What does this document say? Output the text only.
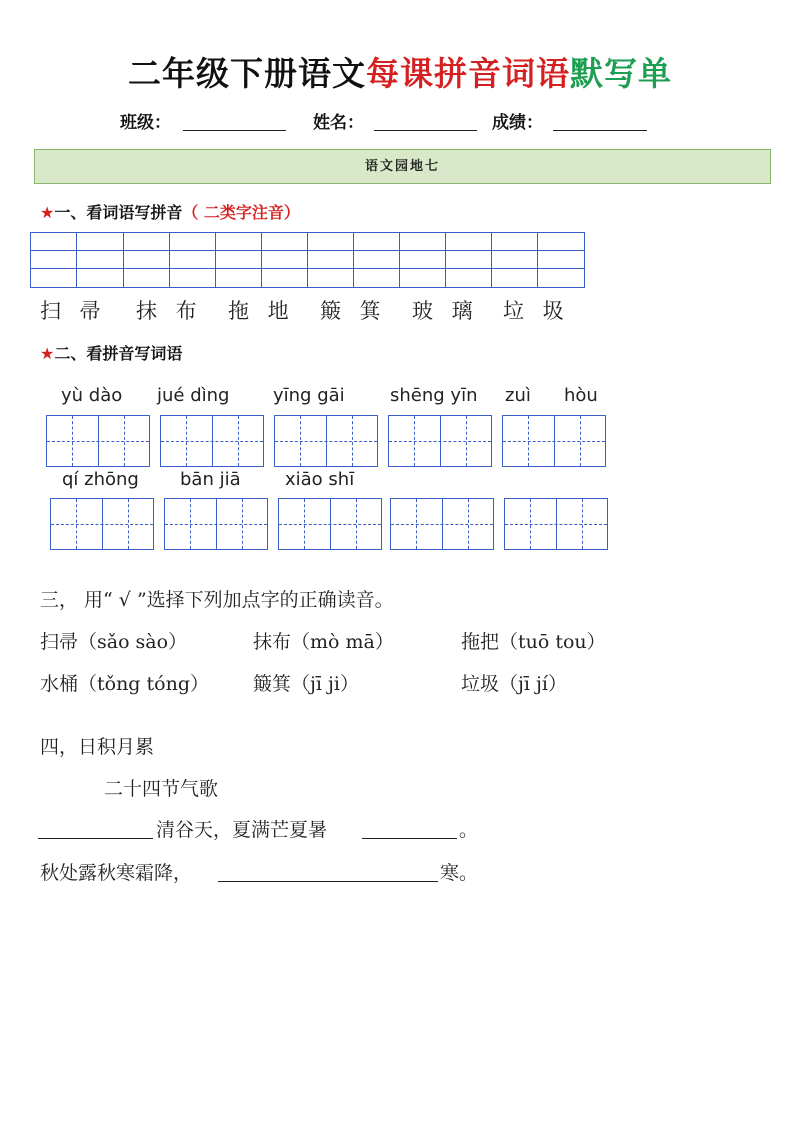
二年级下册语文每课拼音词语默写单
班级：	姓名：	成绩：
语文园地七
★一、看词语写拼音（ 二类字注音）
扫 帚 抹 布 拖 地 簸 箕 玻 璃 垃 圾
★二、看拼音写词语
yù dào jué dìng yīng gāi	shēng yīn zuì hòu
qí zhōng bān jiā xiāo shī
三， 用“ √ ”选择下列加点字的正确读音。
扫帚（sǎo sào）	抹布（mò mā）	拖把（tuō tou）
水桶（tǒng tóng） 簸箕（jī ji）	垃圾（jī jí）
四，日积月累
二十四节气歌
清谷天，夏满芒夏暑	。
秋处露秋寒霜降，	寒。
